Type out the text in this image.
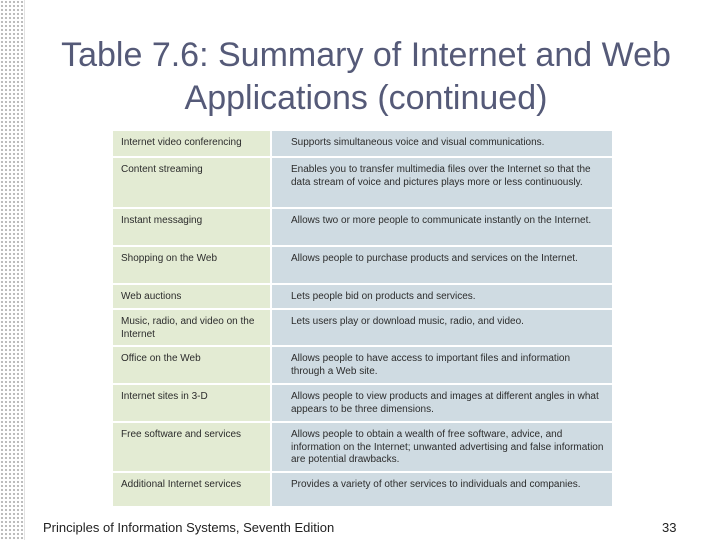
Table 7.6: Summary of Internet and Web
Applications (continued)
Internet video conferencing	Supports simultaneous voice and visual communications.
Content streaming	Enables you to transfer multimedia files over the Internet so that the data stream of voice and pictures plays more or less continuously.
Instant messaging	Allows two or more people to communicate instantly on the Internet.
Shopping on the Web	Allows people to purchase products and services on the Internet.
Web auctions	Lets people bid on products and services.
Music, radio, and video on the Internet	Lets users play or download music, radio, and video.
Office on the Web	Allows people to have access to important files and information through a Web site.
Internet sites in 3-D	Allows people to view products and images at different angles in what appears to be three dimensions.
Free software and services	Allows people to obtain a wealth of free software, advice, and information on the Internet; unwanted advertising and false information are potential drawbacks.
Additional Internet services	Provides a variety of other services to individuals and companies.
Principles of Information Systems, Seventh Edition	33
